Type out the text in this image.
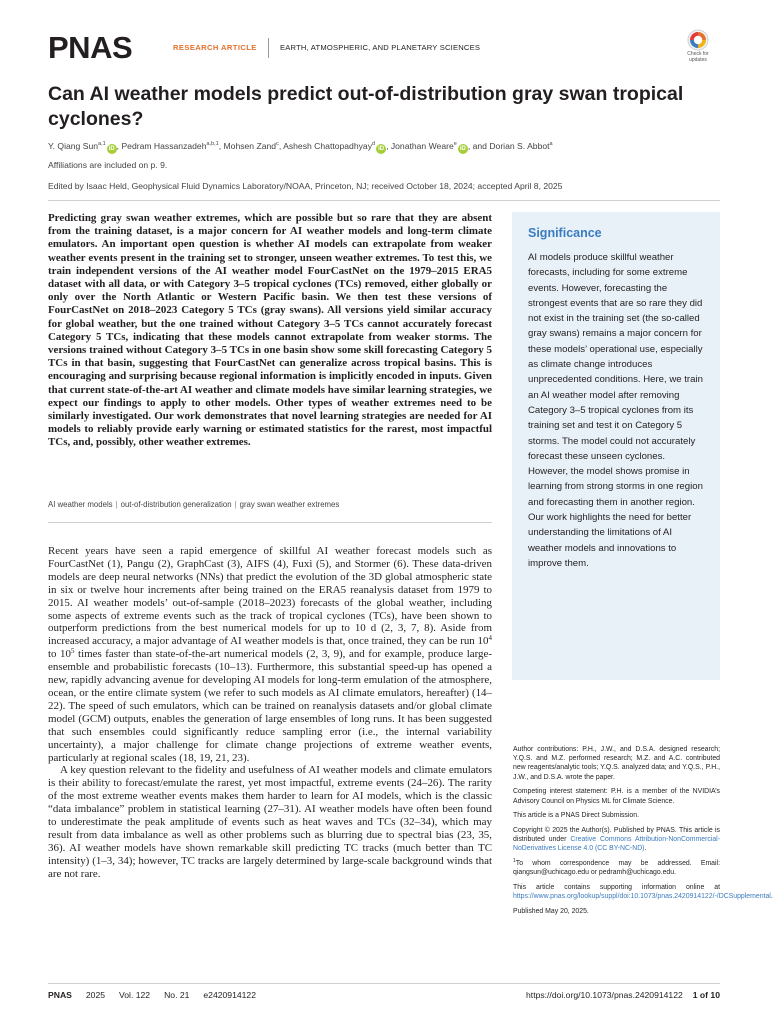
PNAS	RESEARCH ARTICLE	EARTH, ATMOSPHERIC, AND PLANETARY SCIENCES
Check for
updates
Can AI weather models predict out-of-distribution gray swan tropical cyclones?
Y. Qiang Sun$^{a,1}$iD , Pedram Hassanzadeh$^{a,b,1}$, Mohsen Zand$^c$, Ashesh Chattopadhyay$^d$iD , Jonathan Weare$^e$iD , and Dorian S. Abbot$^a$
Affiliations are included on p. 9.
Edited by Isaac Held, Geophysical Fluid Dynamics Laboratory/NOAA, Princeton, NJ; received October 18, 2024; accepted April 8, 2025
Predicting gray swan weather extremes, which are possible but so rare that they are absent from the training dataset, is a major concern for AI weather models and long-term climate emulators. An important open question is whether AI models can extrapolate from weaker weather events present in the training set to stronger, unseen weather extremes. To test this, we train independent versions of the AI weather model FourCastNet on the 1979–2015 ERA5 dataset with all data, or with Category 3–5 tropical cyclones (TCs) removed, either globally or only over the North Atlantic or Western Pacific basin. We then test these versions of FourCastNet on 2018–2023 Category 5 TCs (gray swans). All versions yield similar accuracy for global weather, but the one trained without Category 3–5 TCs cannot accurately forecast Category 5 TCs, indicating that these models cannot extrapolate from weaker storms. The versions trained without Category 3–5 TCs in one basin show some skill forecasting Category 5 TCs in that basin, suggesting that FourCastNet can generalize across tropical basins. This is encouraging and surprising because regional information is implicitly encoded in inputs. Given that current state-of-the-art AI weather and climate models have similar learning strategies, we expect our findings to apply to other models. Other types of weather extremes need to be similarly investigated. Our work demonstrates that novel learning strategies are needed for AI models to reliably provide early warning or estimated statistics for the rarest, most impactful TCs, and, possibly, other weather extremes.
AI weather models | out-of-distribution generalization | gray swan weather extremes

Recent years have seen a rapid emergence of skillful AI weather forecast models such as FourCastNet (1), Pangu (2), GraphCast (3), AIFS (4), Fuxi (5), and Stormer (6). These data-driven models are deep neural networks (NNs) that predict the evolution of the 3D global atmospheric state in six or twelve hour increments after being trained on the ERA5 reanalysis dataset from 1979 to 2015. AI weather models’ out-of-sample (2018–2023) forecasts of the global weather, including some aspects of extreme events such as the track of tropical cyclones (TCs), have been shown to outperform predictions from the best numerical models for up to 10 d (2, 3, 7, 8). Aside from increased accuracy, a major advantage of AI weather models is that, once trained, they can be run $10^4$ to $10^5$ times faster than state-of-the-art numerical models (2, 3, 9), and for example, produce large-ensemble and probabilistic forecasts (10–13). Furthermore, this substantial speed-up has opened a new, rapidly advancing avenue for developing AI models for long-term emulation of the atmosphere, ocean, or the entire climate system (we refer to such models as AI climate emulators, hereafter) (14–22). The speed of such emulators, which can be trained on reanalysis datasets and/or global climate model (GCM) outputs, enables the generation of large ensembles of long runs. It has been suggested that such ensembles could significantly reduce sampling error (i.e., the internal variability uncertainty), a major challenge for climate change projections of extreme weather events, particularly at regional scales (18, 19, 21, 23).

A key question relevant to the fidelity and usefulness of AI weather models and climate emulators is their ability to forecast/emulate the rarest, yet most impactful, extreme events (24–26). The rarity of the most extreme weather events makes them harder to learn for AI models, which is the classic “data imbalance” problem in statistical learning (27–31). AI weather models have often been found to underestimate the peak amplitude of events such as heat waves and TCs (32–34), which may result from data imbalance as well as other problems such as blurring due to spectral bias (23, 35, 36). AI weather models have shown remarkable skill predicting TC tracks (much better than TC intensity) (1–3, 34); however, TC tracks are largely determined by large-scale background winds that are not rare.

Significance
AI models produce skillful weather forecasts, including for some extreme events. However, forecasting the strongest events that are so rare they did not exist in the training set (the so-called gray swans) remains a major concern for these models’ operational use, especially as climate change introduces unprecedented conditions. Here, we train an AI weather model after removing Category 3–5 tropical cyclones from its training set and test it on Category 5 storms. The model could not accurately forecast these unseen cyclones. However, the model shows promise in learning from strong storms in one region and forecasting them in another region. Our work highlights the need for better understanding the limitations of AI weather models and innovations to improve them.

Author contributions: P.H., J.W., and D.S.A. designed research; Y.Q.S. and M.Z. performed research; M.Z. and A.C. contributed new reagents/analytic tools; Y.Q.S. analyzed data; and Y.Q.S., P.H., J.W., and D.S.A. wrote the paper.

Competing interest statement: P.H. is a member of the NVIDIA’s Advisory Council on Physics ML for Climate Science.

This article is a PNAS Direct Submission.

Copyright © 2025 the Author(s). Published by PNAS. This article is distributed under Creative Commons Attribution-NonCommercial-NoDerivatives License 4.0 (CC BY-NC-ND).

$^1$To whom correspondence may be addressed. Email: qiangsun@uchicago.edu or pedramh@uchicago.edu.

This article contains supporting information online at https://www.pnas.org/lookup/suppl/doi:10.1073/pnas.2420914122/-/DCSupplemental.

Published May 20, 2025.

PNAS 2025 Vol. 122 No. 21 e2420914122	https://doi.org/10.1073/pnas.2420914122 1 of 10
